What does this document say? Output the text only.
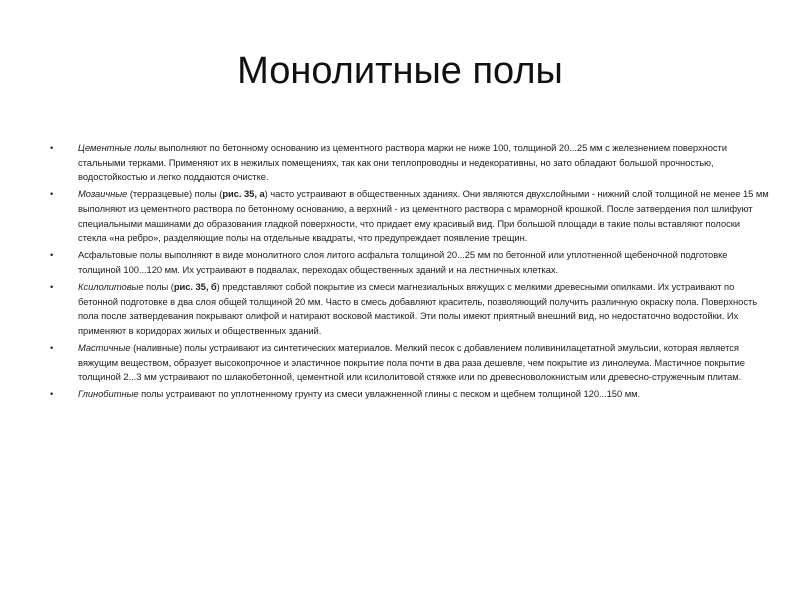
Монолитные полы
•	Цементные полы выполняют по бетонному основанию из цементного раствора марки не ниже 100, толщиной 20...25 мм с железнением поверхности стальными терками. Применяют их в нежилых помещениях, так как они теплопроводны и недекоративны, но зато обладают большой прочностью, водостойкостью и легко поддаются очистке.
•	Мозаичные (терразцевые) полы (рис. 35, а) часто устраивают в общественных зданиях. Они являются двухслойными - нижний слой толщиной не менее 15 мм выполняют из цементного раствора по бетонному основанию, а верхний - из цементного раствора с мраморной крошкой. После затвердения пол шлифуют специальными машинами до образования гладкой поверхности, что придает ему красивый вид. При большой площади в такие полы вставляют полоски стекла «на ребро», разделяющие полы на отдельные квадраты, что предупреждает появление трещин.
•	Асфальтовые полы выполняют в виде монолитного слоя литого асфальта толщиной 20...25 мм по бетонной или уплотненной щебеночной подготовке толщиной 100...120 мм. Их устраивают в подвалах, переходах общественных зданий и на лестничных клетках.
•	Ксилолитовые полы (рис. 35, б) представляют собой покрытие из смеси магнезиальных вяжущих с мелкими древесными опилками. Их устраивают по бетонной подготовке в два слоя общей толщиной 20 мм. Часто в смесь добавляют краситель, позволяющий получить различную окраску пола. Поверхность пола после затвердевания покрывают олифой и натирают восковой мастикой. Эти полы имеют приятный внешний вид, но недостаточно водостойки. Их применяют в коридорах жилых и общественных зданий.
•	Мастичные (наливные) полы устраивают из синтетических материалов. Мелкий песок с добавлением поливинилацетатной эмульсии, которая является вяжущим веществом, образует высокопрочное и эластичное покрытие пола почти в два раза дешевле, чем покрытие из линолеума. Мастичное покрытие толщиной 2...3 мм устраивают по шлакобетонной, цементной или ксилолитовой стяжке или по древесноволокнистым или древесно-стружечным плитам.
•	Глинобитные полы устраивают по уплотненному грунту из смеси увлажненной глины с песком и щебнем толщиной 120...150 мм.
